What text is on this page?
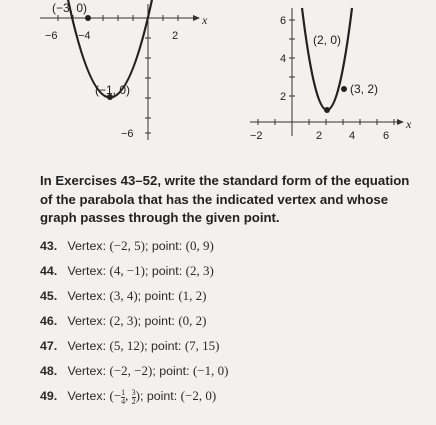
(−3, 0)
(−1, 0)
−6 −4	2
−6
x
(2, 0)
(3, 2)
−2	2 4	6
6
4
2
x
In Exercises 43–52, write the standard form of the equation of the parabola that has the indicated vertex and whose graph passes through the given point.
43. Vertex: (−2, 5); point: (0, 9)
44. Vertex: (4, −1); point: (2, 3)
45. Vertex: (3, 4); point: (1, 2)
46. Vertex: (2, 3); point: (0, 2)
47. Vertex: (5, 12); point: (7, 15)
48. Vertex: (−2, −2); point: (−1, 0)
49. Vertex: (− $\frac{1}{4}$ , $\frac{3}{2}$ ); point: (−2, 0)
